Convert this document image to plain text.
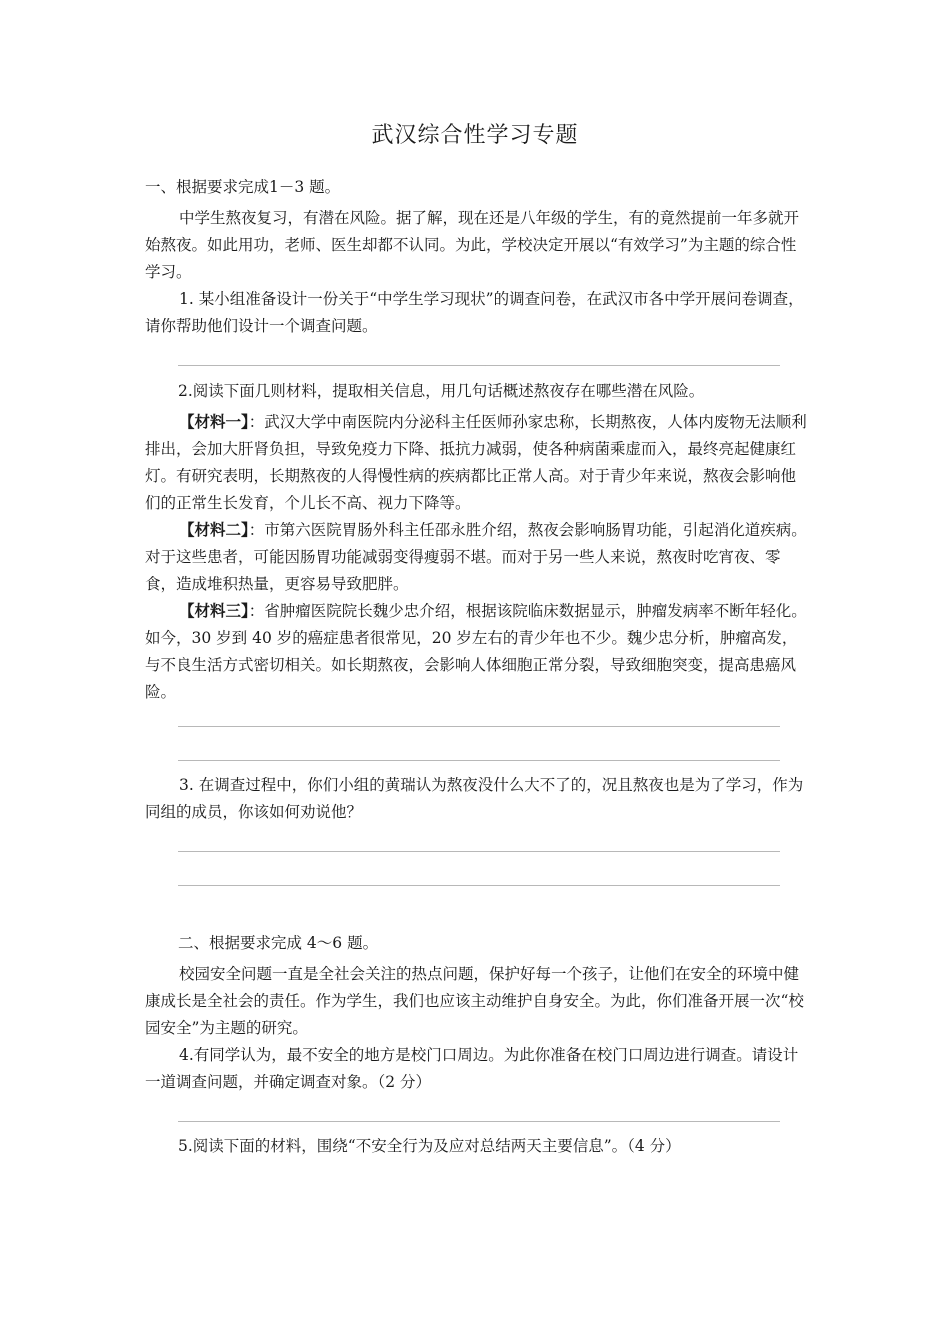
武汉综合性学习专题
一、根据要求完成1－3 题。
中学生熬夜复习，有潜在风险。据了解，现在还是八年级的学生，有的竟然提前一年多就开始熬夜。如此用功，老师、医生却都不认同。为此，学校决定开展以“有效学习”为主题的综合性学习。
1. 某小组准备设计一份关于“中学生学习现状”的调查问卷，在武汉市各中学开展问卷调查，请你帮助他们设计一个调查问题。
2.阅读下面几则材料，提取相关信息，用几句话概述熬夜存在哪些潜在风险。
【材料一】：武汉大学中南医院内分泌科主任医师孙家忠称，长期熬夜，人体内废物无法顺利排出，会加大肝肾负担，导致免疫力下降、抵抗力减弱，使各种病菌乘虚而入，最终亮起健康红灯。有研究表明，长期熬夜的人得慢性病的疾病都比正常人高。对于青少年来说，熬夜会影响他们的正常生长发育，个儿长不高、视力下降等。
【材料二】：市第六医院胃肠外科主任邵永胜介绍，熬夜会影响肠胃功能，引起消化道疾病。对于这些患者，可能因肠胃功能减弱变得瘦弱不堪。而对于另一些人来说，熬夜时吃宵夜、零食，造成堆积热量，更容易导致肥胖。
【材料三】：省肿瘤医院院长魏少忠介绍，根据该院临床数据显示，肿瘤发病率不断年轻化。如今，30 岁到 40 岁的癌症患者很常见，20 岁左右的青少年也不少。魏少忠分析，肿瘤高发，与不良生活方式密切相关。如长期熬夜，会影响人体细胞正常分裂，导致细胞突变，提高患癌风险。
3. 在调查过程中，你们小组的黄瑞认为熬夜没什么大不了的，况且熬夜也是为了学习，作为同组的成员，你该如何劝说他？
二、根据要求完成 4～6 题。
校园安全问题一直是全社会关注的热点问题，保护好每一个孩子，让他们在安全的环境中健康成长是全社会的责任。作为学生，我们也应该主动维护自身安全。为此，你们准备开展一次“校园安全”为主题的研究。
4.有同学认为，最不安全的地方是校门口周边。为此你准备在校门口周边进行调查。请设计一道调查问题，并确定调查对象。（2 分）
5.阅读下面的材料，围绕“不安全行为及应对总结两天主要信息”。（4 分）
